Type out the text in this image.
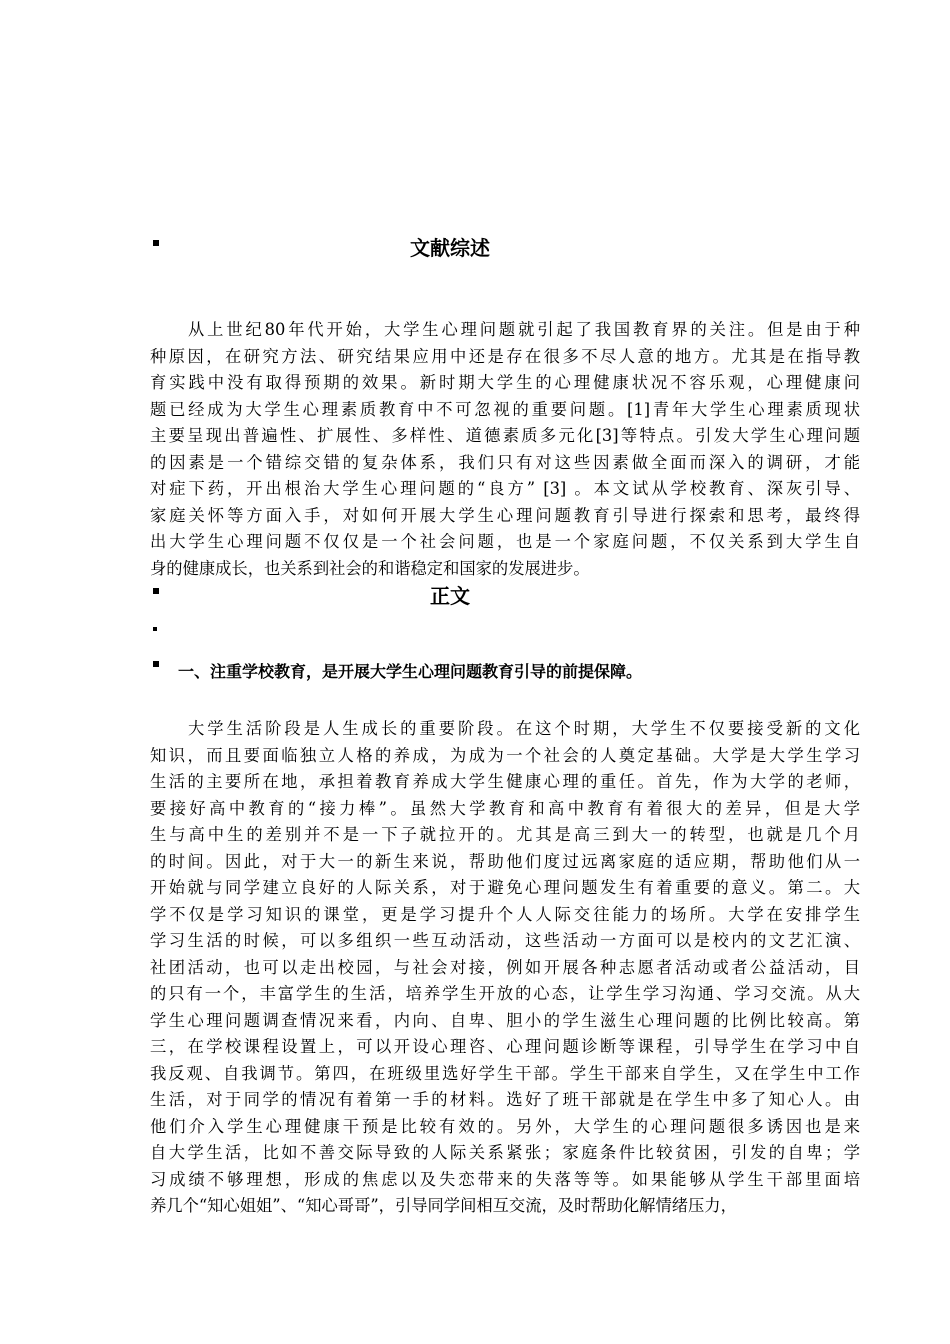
文献综述
从上世纪80年代开始，大学生心理问题就引起了我国教育界的关注。但是由于种
种原因，在研究方法、研究结果应用中还是存在很多不尽人意的地方。尤其是在指导教
育实践中没有取得预期的效果。新时期大学生的心理健康状况不容乐观，心理健康问
题已经成为大学生心理素质教育中不可忽视的重要问题。[1]青年大学生心理素质现状
主要呈现出普遍性、扩展性、多样性、道德素质多元化[3]等特点。引发大学生心理问题
的因素是一个错综交错的复杂体系，我们只有对这些因素做全面而深入的调研，才能
对症下药，开出根治大学生心理问题的“良方” [3] 。本文试从学校教育、深灰引导、
家庭关怀等方面入手，对如何开展大学生心理问题教育引导进行探索和思考，最终得
出大学生心理问题不仅仅是一个社会问题，也是一个家庭问题，不仅关系到大学生自
身的健康成长，也关系到社会的和谐稳定和国家的发展进步。
正文
一、注重学校教育，是开展大学生心理问题教育引导的前提保障。
大学生活阶段是人生成长的重要阶段。在这个时期，大学生不仅要接受新的文化
知识，而且要面临独立人格的养成，为成为一个社会的人奠定基础。大学是大学生学习
生活的主要所在地，承担着教育养成大学生健康心理的重任。首先，作为大学的老师，
要接好高中教育的“接力棒”。虽然大学教育和高中教育有着很大的差异，但是大学
生与高中生的差别并不是一下子就拉开的。尤其是高三到大一的转型，也就是几个月
的时间。因此，对于大一的新生来说，帮助他们度过远离家庭的适应期，帮助他们从一
开始就与同学建立良好的人际关系，对于避免心理问题发生有着重要的意义。第二。大
学不仅是学习知识的课堂，更是学习提升个人人际交往能力的场所。大学在安排学生
学习生活的时候，可以多组织一些互动活动，这些活动一方面可以是校内的文艺汇演、
社团活动，也可以走出校园，与社会对接，例如开展各种志愿者活动或者公益活动，目
的只有一个，丰富学生的生活，培养学生开放的心态，让学生学习沟通、学习交流。从大
学生心理问题调查情况来看，内向、自卑、胆小的学生滋生心理问题的比例比较高。第
三，在学校课程设置上，可以开设心理咨、心理问题诊断等课程，引导学生在学习中自
我反观、自我调节。第四，在班级里选好学生干部。学生干部来自学生，又在学生中工作
生活，对于同学的情况有着第一手的材料。选好了班干部就是在学生中多了知心人。由
他们介入学生心理健康干预是比较有效的。另外，大学生的心理问题很多诱因也是来
自大学生活，比如不善交际导致的人际关系紧张；家庭条件比较贫困，引发的自卑；学
习成绩不够理想，形成的焦虑以及失恋带来的失落等等。如果能够从学生干部里面培
养几个“知心姐姐”、“知心哥哥”，引导同学间相互交流，及时帮助化解情绪压力，
